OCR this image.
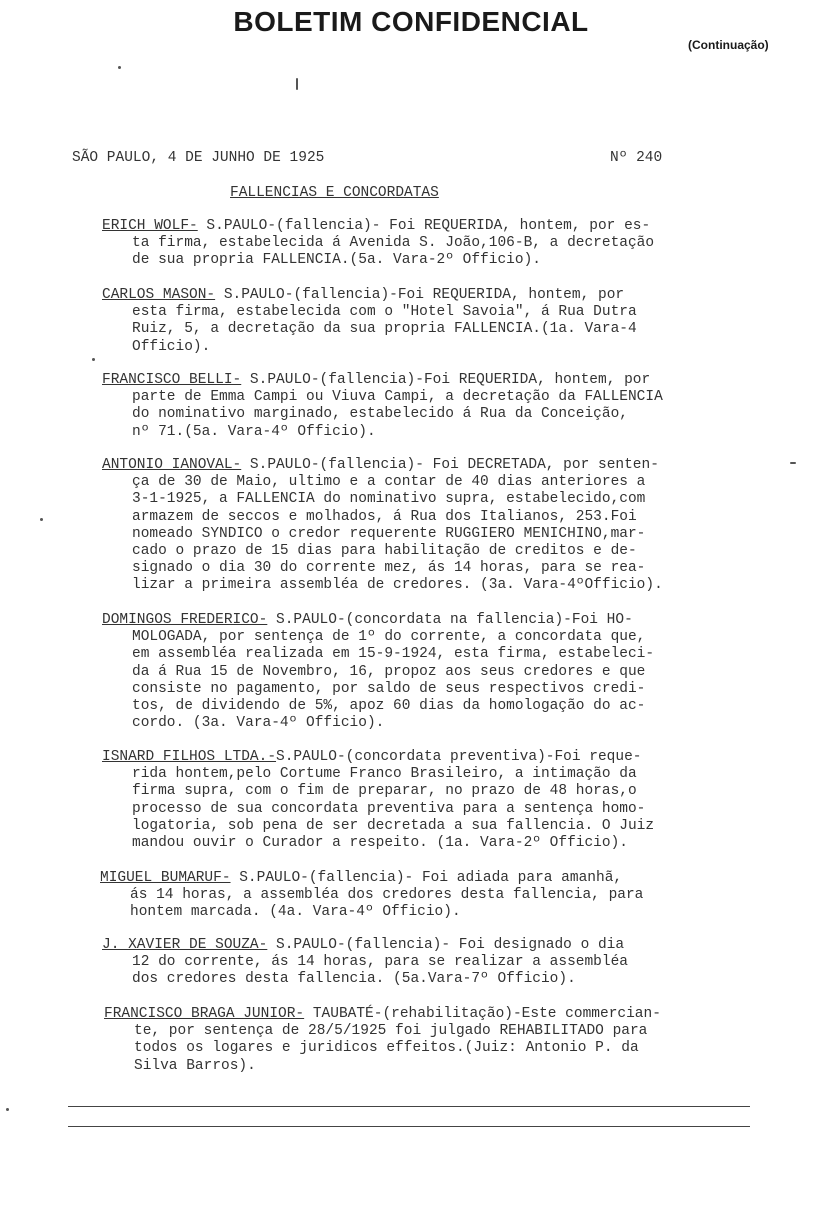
BOLETIM CONFIDENCIAL
(Continuação)
SÃO PAULO, 4 DE JUNHO DE 1925	Nº 240
FALLENCIAS E CONCORDATAS

ERICH WOLF- S.PAULO-(fallencia)- Foi REQUERIDA, hontem, por es-

ta firma, estabelecida á Avenida S. João,106-B, a decretação

de sua propria FALLENCIA.(5a. Vara-2º Officio).

CARLOS MASON- S.PAULO-(fallencia)-Foi REQUERIDA, hontem, por

esta firma, estabelecida com o "Hotel Savoia", á Rua Dutra

Ruiz, 5, a decretação da sua propria FALLENCIA.(1a. Vara-4

Officio).

FRANCISCO BELLI- S.PAULO-(fallencia)-Foi REQUERIDA, hontem, por

parte de Emma Campi ou Viuva Campi, a decretação da FALLENCIA

do nominativo marginado, estabelecido á Rua da Conceição,

nº 71.(5a. Vara-4º Officio).

ANTONIO IANOVAL- S.PAULO-(fallencia)- Foi DECRETADA, por senten-

ça de 30 de Maio, ultimo e a contar de 40 dias anteriores a

3-1-1925, a FALLENCIA do nominativo supra, estabelecido,com

armazem de seccos e molhados, á Rua dos Italianos, 253.Foi

nomeado SYNDICO o credor requerente RUGGIERO MENICHINO,mar-

cado o prazo de 15 dias para habilitação de creditos e de-

signado o dia 30 do corrente mez, ás 14 horas, para se rea-

lizar a primeira assembléa de credores. (3a. Vara-4ºOfficio).

DOMINGOS FREDERICO- S.PAULO-(concordata na fallencia)-Foi HO-

MOLOGADA, por sentença de 1º do corrente, a concordata que,

em assembléa realizada em 15-9-1924, esta firma, estabeleci-

da á Rua 15 de Novembro, 16, propoz aos seus credores e que

consiste no pagamento, por saldo de seus respectivos credi-

tos, de dividendo de 5%, apoz 60 dias da homologação do ac-

cordo. (3a. Vara-4º Officio).

ISNARD FILHOS LTDA.-S.PAULO-(concordata preventiva)-Foi reque-

rida hontem,pelo Cortume Franco Brasileiro, a intimação da

firma supra, com o fim de preparar, no prazo de 48 horas,o

processo de sua concordata preventiva para a sentença homo-

logatoria, sob pena de ser decretada a sua fallencia. O Juiz

mandou ouvir o Curador a respeito. (1a. Vara-2º Officio).

MIGUEL BUMARUF- S.PAULO-(fallencia)- Foi adiada para amanhã,

ás 14 horas, a assembléa dos credores desta fallencia, para

hontem marcada. (4a. Vara-4º Officio).

J. XAVIER DE SOUZA- S.PAULO-(fallencia)- Foi designado o dia

12 do corrente, ás 14 horas, para se realizar a assembléa

dos credores desta fallencia. (5a.Vara-7º Officio).

FRANCISCO BRAGA JUNIOR- TAUBATÉ-(rehabilitação)-Este commercian-

te, por sentença de 28/5/1925 foi julgado REHABILITADO para

todos os logares e juridicos effeitos.(Juiz: Antonio P. da

Silva Barros).
